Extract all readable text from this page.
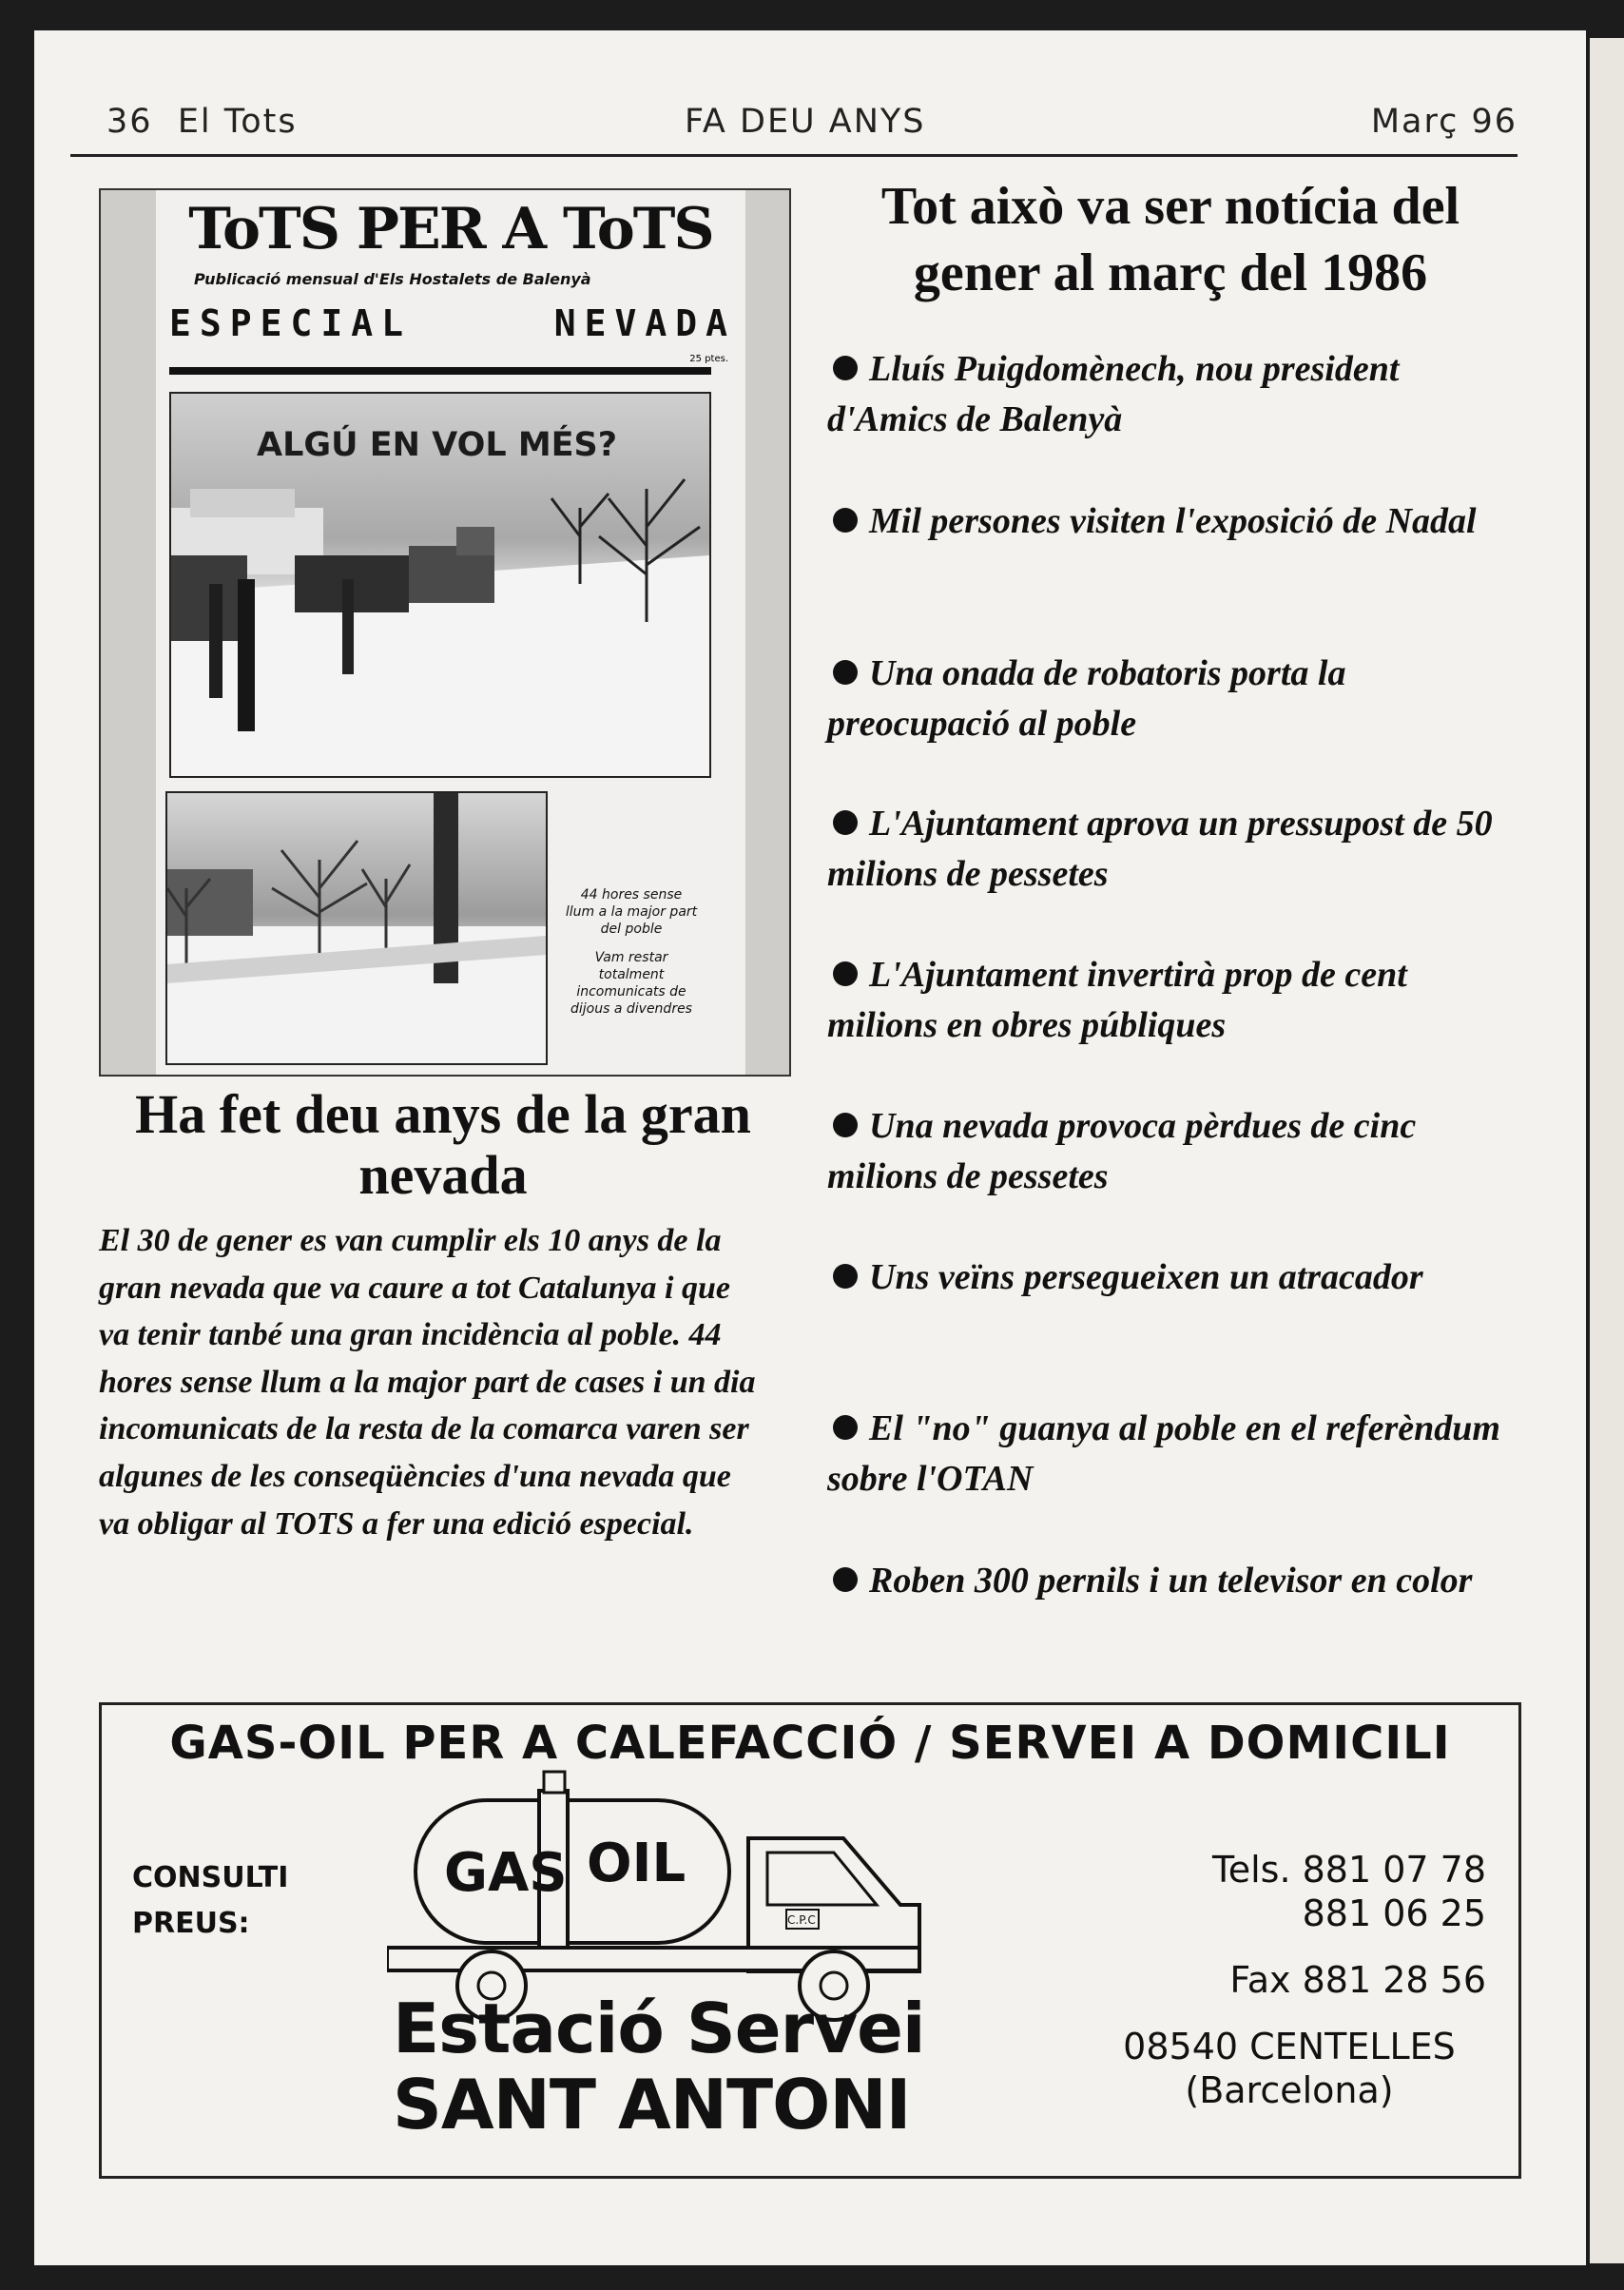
36 El Tots	FA DEU ANYS	Març 96
ToTS PER A ToTS
Publicació mensual d'Els Hostalets de Balenyà
ESPECIAL	NEVADA
25 ptes.
ALGÚ EN VOL MÉS?
44 hores sense llum a la major part del poble
Vam restar totalment incomunicats de dijous a divendres
Ha fet deu anys de la gran nevada
El 30 de gener es van cumplir els 10 anys de la gran nevada que va caure a tot Catalunya i que va tenir tanbé una gran incidència al poble. 44 hores sense llum a la major part de cases i un dia incomunicats de la resta de la comarca varen ser algunes de les conseqüències d'una nevada que va obligar al TOTS a fer una edició especial.
Tot això va ser notícia del gener al març del 1986
Lluís Puigdomènech, nou president d'Amics de Balenyà
Mil persones visiten l'exposició de Nadal
Una onada de robatoris porta la preocupació al poble
L'Ajuntament aprova un pressupost de 50 milions de pessetes
L'Ajuntament invertirà prop de cent milions en obres públiques
Una nevada provoca pèrdues de cinc milions de pessetes
Uns veïns persegueixen un atracador
El "no" guanya al poble en el referèndum sobre l'OTAN
Roben 300 pernils i un televisor en color
GAS-OIL PER A CALEFACCIÓ / SERVEI A DOMICILI
CONSULTI
PREUS:
GAS OIL
C.P.C
Estació Servei
SANT ANTONI
Tels. 881 07 78
881 06 25
Fax 881 28 56
08540 CENTELLES
(Barcelona)
